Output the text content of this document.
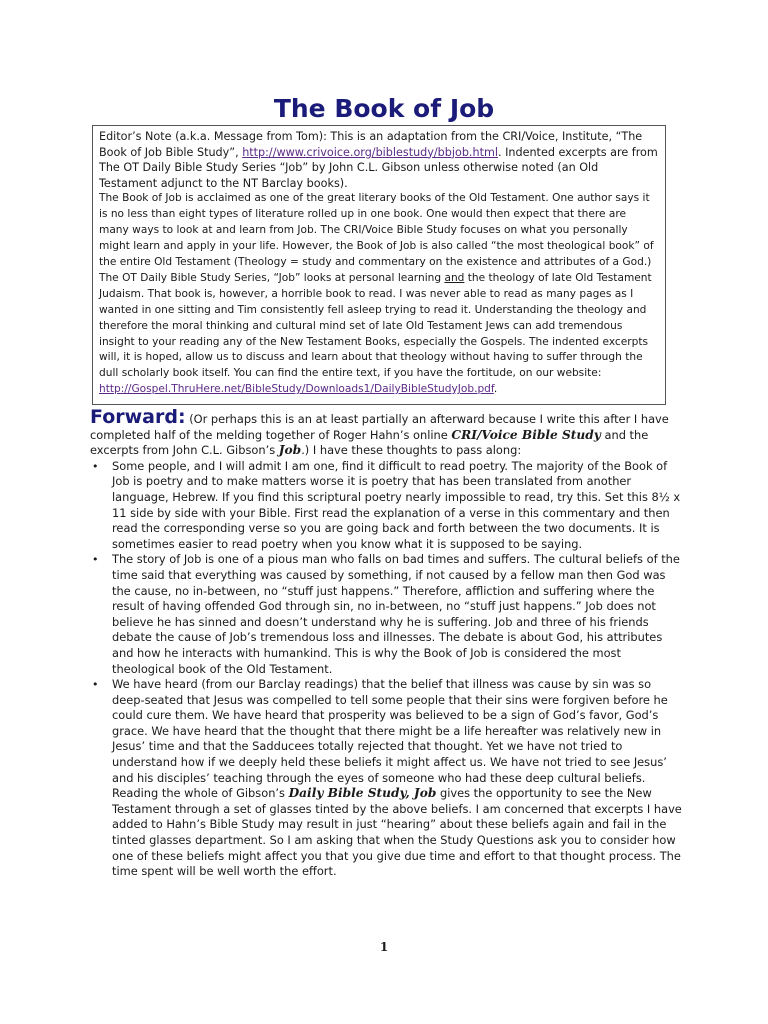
The Book of Job

Editor’s Note (a.k.a. Message from Tom): This is an adaptation from the CRI/Voice, Institute, “The Book of Job Bible Study”, http://www.crivoice.org/biblestudy/bbjob.html. Indented excerpts are from The OT Daily Bible Study Series “Job” by John C.L. Gibson unless otherwise noted (an Old Testament adjunct to the NT Barclay books).

The Book of Job is acclaimed as one of the great literary books of the Old Testament. One author says it is no less than eight types of literature rolled up in one book. One would then expect that there are many ways to look at and learn from Job. The CRI/Voice Bible Study focuses on what you personally might learn and apply in your life. However, the Book of Job is also called “the most theological book” of the entire Old Testament (Theology = study and commentary on the existence and attributes of a God.) The OT Daily Bible Study Series, “Job” looks at personal learning and the theology of late Old Testament Judaism. That book is, however, a horrible book to read. I was never able to read as many pages as I wanted in one sitting and Tim consistently fell asleep trying to read it. Understanding the theology and therefore the moral thinking and cultural mind set of late Old Testament Jews can add tremendous insight to your reading any of the New Testament Books, especially the Gospels. The indented excerpts will, it is hoped, allow us to discuss and learn about that theology without having to suffer through the dull scholarly book itself. You can find the entire text, if you have the fortitude, on our website:

http://Gospel.ThruHere.net/BibleStudy/Downloads1/DailyBibleStudyJob.pdf.

Forward: (Or perhaps this is an at least partially an afterward because I write this after I have completed half of the melding together of Roger Hahn’s online CRI/Voice Bible Study and the excerpts from John C.L. Gibson’s Job.) I have these thoughts to pass along:

• Some people, and I will admit I am one, find it difficult to read poetry. The majority of the Book of Job is poetry and to make matters worse it is poetry that has been translated from another language, Hebrew. If you find this scriptural poetry nearly impossible to read, try this. Set this 8½ x 11 side by side with your Bible. First read the explanation of a verse in this commentary and then read the corresponding verse so you are going back and forth between the two documents. It is sometimes easier to read poetry when you know what it is supposed to be saying.
• The story of Job is one of a pious man who falls on bad times and suffers. The cultural beliefs of the time said that everything was caused by something, if not caused by a fellow man then God was the cause, no in-between, no “stuff just happens.” Therefore, affliction and suffering where the result of having offended God through sin, no in-between, no “stuff just happens.” Job does not believe he has sinned and doesn’t understand why he is suffering. Job and three of his friends debate the cause of Job’s tremendous loss and illnesses. The debate is about God, his attributes and how he interacts with humankind. This is why the Book of Job is considered the most theological book of the Old Testament.
• We have heard (from our Barclay readings) that the belief that illness was cause by sin was so deep-seated that Jesus was compelled to tell some people that their sins were forgiven before he could cure them. We have heard that prosperity was believed to be a sign of God’s favor, God’s grace. We have heard that the thought that there might be a life hereafter was relatively new in Jesus’ time and that the Sadducees totally rejected that thought. Yet we have not tried to understand how if we deeply held these beliefs it might affect us. We have not tried to see Jesus’ and his disciples’ teaching through the eyes of someone who had these deep cultural beliefs.

Reading the whole of Gibson’s Daily Bible Study, Job gives the opportunity to see the New Testament through a set of glasses tinted by the above beliefs. I am concerned that excerpts I have added to Hahn’s Bible Study may result in just “hearing” about these beliefs again and fail in the tinted glasses department. So I am asking that when the Study Questions ask you to consider how one of these beliefs might affect you that you give due time and effort to that thought process. The time spent will be well worth the effort.

1
